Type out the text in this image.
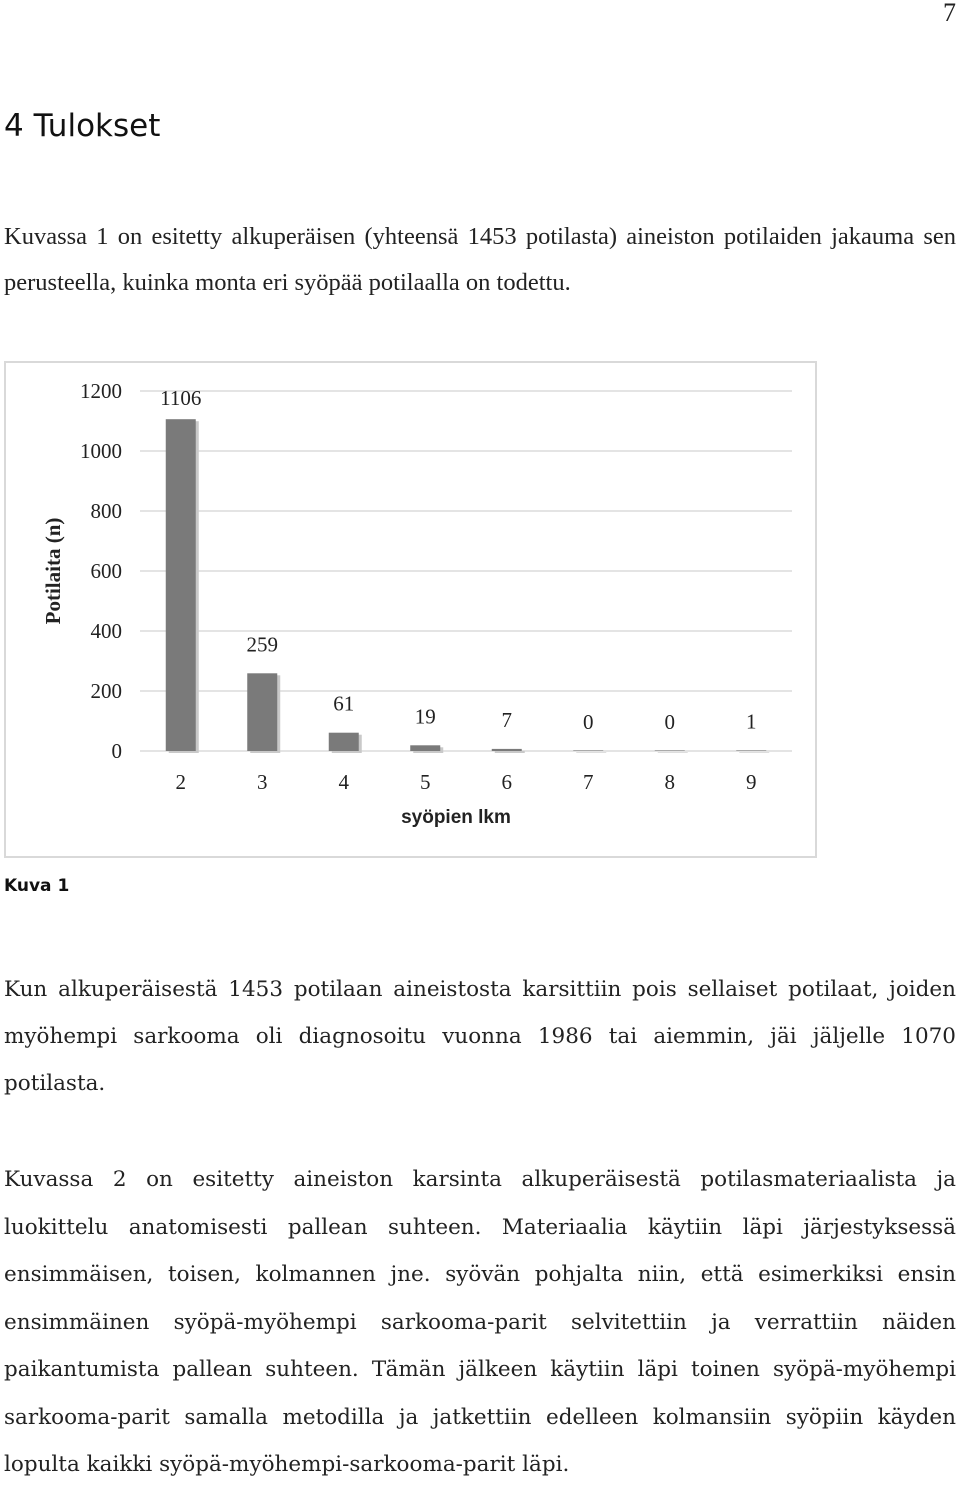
7
4 Tulokset

Kuvassa 1 on esitetty alkuperäisen (yhteensä 1453 potilasta) aineiston potilaiden jakauma sen perusteella, kuinka monta eri syöpää potilaalla on todettu.

0
200
400
600
800
1000
1200 1106
259
61
19	7	0	0	1
2	3	4	5	6	7	8	9
syöpien lkm
Potilaita (n)
Kuva 1

Kun alkuperäisestä 1453 potilaan aineistosta karsittiin pois sellaiset potilaat, joiden myöhempi sarkooma oli diagnosoitu vuonna 1986 tai aiemmin, jäi jäljelle 1070 potilasta.

Kuvassa 2 on esitetty aineiston karsinta alkuperäisestä potilasmateriaalista ja luokittelu anatomisesti pallean suhteen. Materiaalia käytiin läpi järjestyksessä ensimmäisen, toisen, kolmannen jne. syövän pohjalta niin, että esimerkiksi ensin ensimmäinen syöpä-myöhempi sarkooma-parit selvitettiin ja verrattiin näiden paikantumista pallean suhteen. Tämän jälkeen käytiin läpi toinen syöpä-myöhempi sarkooma-parit samalla metodilla ja jatkettiin edelleen kolmansiin syöpiin käyden lopulta kaikki syöpä-myöhempi-sarkooma-parit läpi.
